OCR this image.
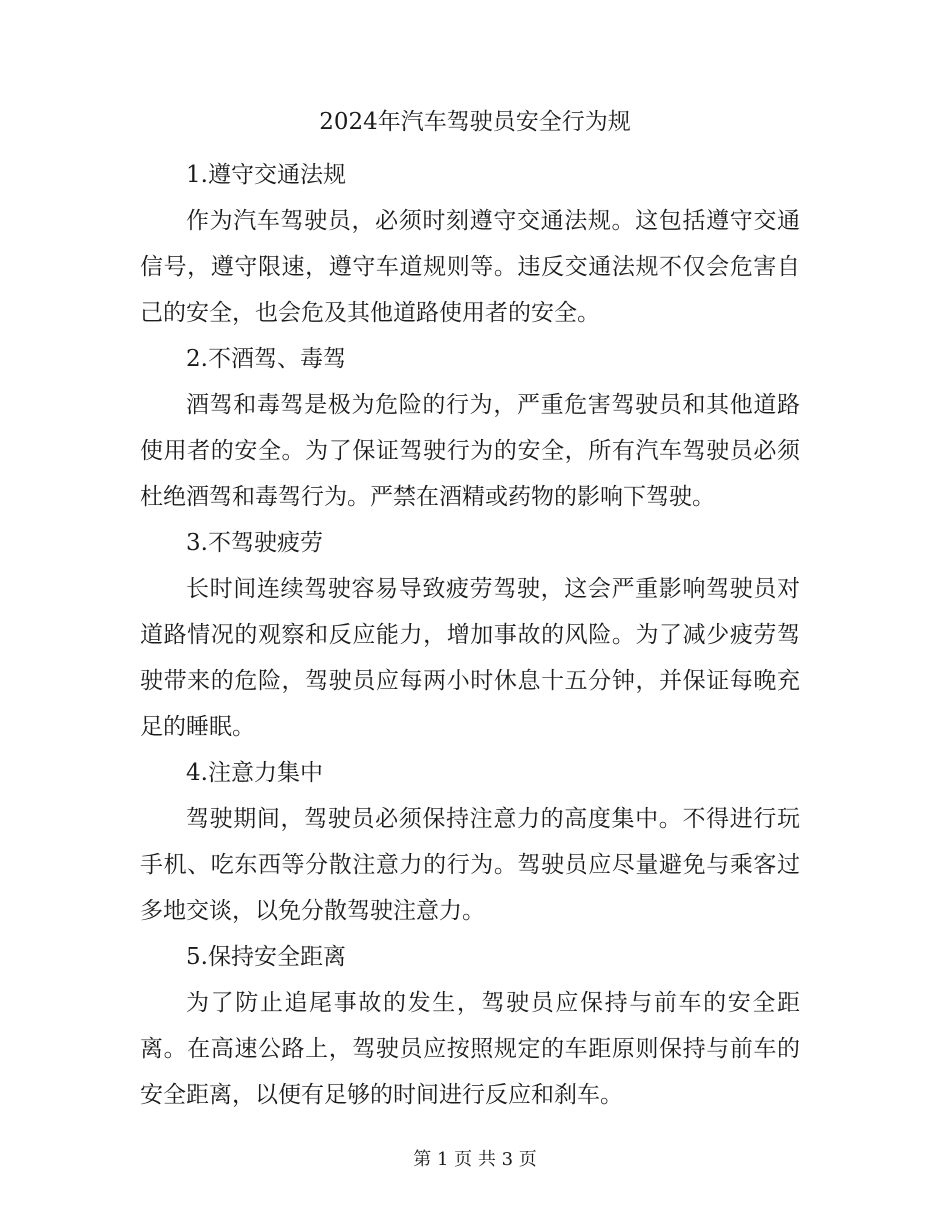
2024年汽车驾驶员安全行为规

1.遵守交通法规

作为汽车驾驶员，必须时刻遵守交通法规。这包括遵守交通信号，遵守限速，遵守车道规则等。违反交通法规不仅会危害自己的安全，也会危及其他道路使用者的安全。

2.不酒驾、毒驾

酒驾和毒驾是极为危险的行为，严重危害驾驶员和其他道路使用者的安全。为了保证驾驶行为的安全，所有汽车驾驶员必须杜绝酒驾和毒驾行为。严禁在酒精或药物的影响下驾驶。

3.不驾驶疲劳

长时间连续驾驶容易导致疲劳驾驶，这会严重影响驾驶员对道路情况的观察和反应能力，增加事故的风险。为了减少疲劳驾驶带来的危险，驾驶员应每两小时休息十五分钟，并保证每晚充足的睡眠。

4.注意力集中

驾驶期间，驾驶员必须保持注意力的高度集中。不得进行玩手机、吃东西等分散注意力的行为。驾驶员应尽量避免与乘客过多地交谈，以免分散驾驶注意力。

5.保持安全距离

为了防止追尾事故的发生，驾驶员应保持与前车的安全距离。在高速公路上，驾驶员应按照规定的车距原则保持与前车的安全距离，以便有足够的时间进行反应和刹车。

第 1 页 共 3 页
